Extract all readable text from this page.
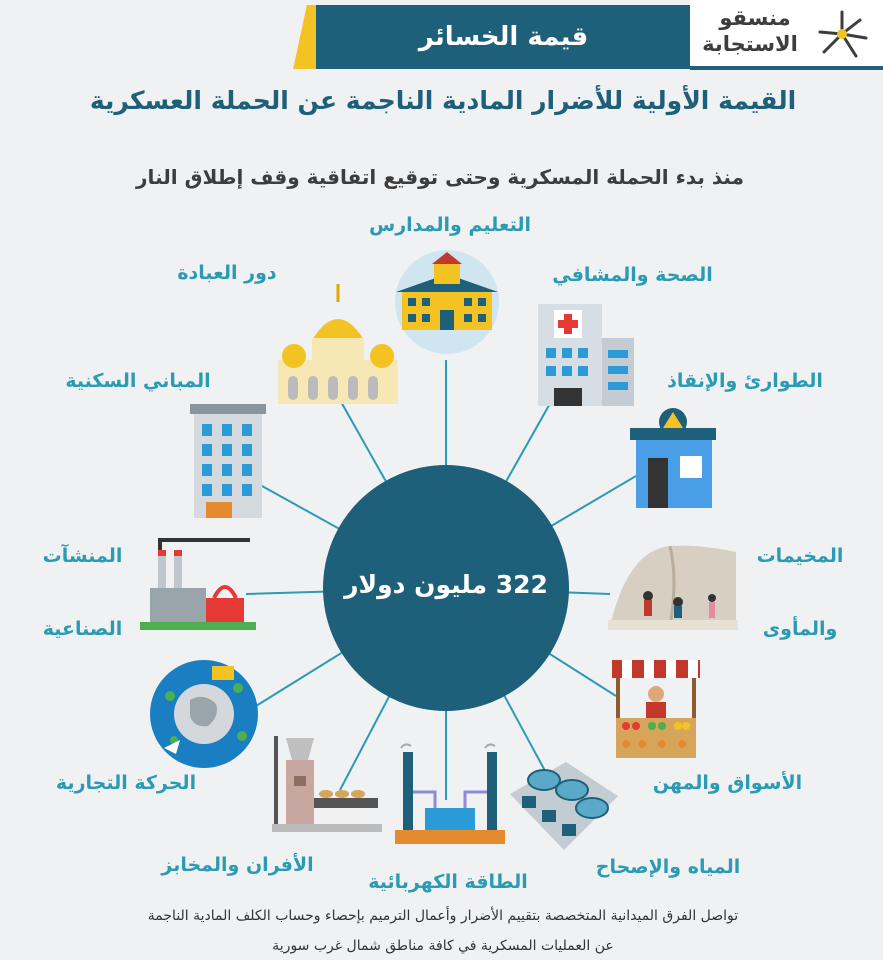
قيمة الخسائر
منسقو
الاستجابة
القيمة الأولية للأضرار المادية الناجمة عن الحملة العسكرية
منذ بدء الحملة المسكرية وحتى توقيع اتفاقية وقف إطلاق النار
322 مليون دولار
التعليم والمدارس
دور العبادة	الصحة والمشافي
المباني السكنية	الطوارئ والإنقاذ
المنشآت
الصناعية
المخيمات
والمأوى
الحركة التجارية	الأسواق والمهن
الأفران والمخابز	المياه والإصحاح
الطاقة الكهربائية
تواصل الفرق الميدانية المتخصصة بتقييم الأضرار وأعمال الترميم بإحصاء وحساب الكلف المادية الناجمة
عن العمليات المسكرية في كافة مناطق شمال غرب سورية
